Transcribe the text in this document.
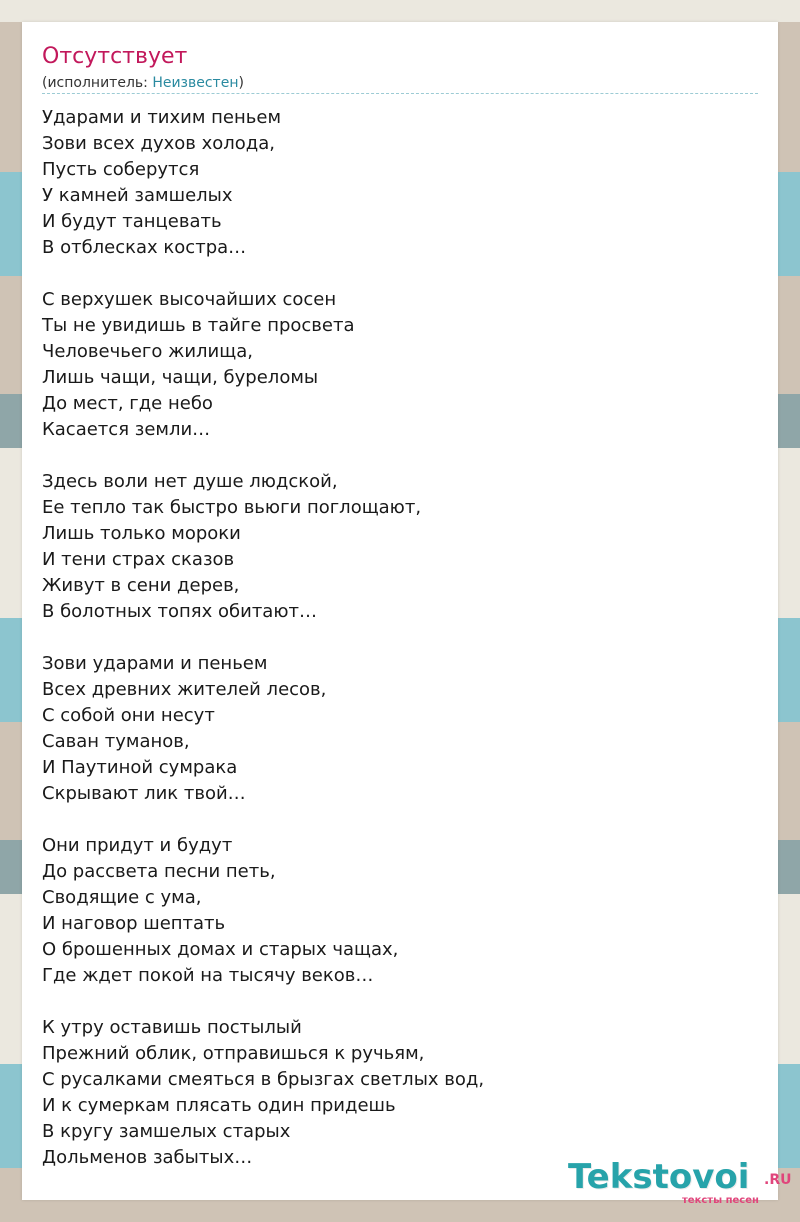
Отсутствует
(исполнитель: Неизвестен)
Ударами и тихим пеньем
Зови всех духов холода,
Пусть соберутся
У камней замшелых
И будут танцевать
В отблесках костра…
С верхушек высочайших сосен
Ты не увидишь в тайге просвета
Человечьего жилища,
Лишь чащи, чащи, буреломы
До мест, где небо
Касается земли…
Здесь воли нет душе людской,
Ее тепло так быстро вьюги поглощают,
Лишь только мороки
И тени страх сказов
Живут в сени дерев,
В болотных топях обитают…
Зови ударами и пеньем
Всех древних жителей лесов,
С собой они несут
Саван туманов,
И Паутиной сумрака
Скрывают лик твой…
Они придут и будут
До рассвета песни петь,
Сводящие с ума,
И наговор шептать
О брошенных домах и старых чащах,
Где ждет покой на тысячу веков…
К утру оставишь постылый
Прежний облик, отправишься к ручьям,
С русалками смеяться в брызгах светлых вод,
И к сумеркам плясать один придешь
В кругу замшелых старых
Дольменов забытых…	Tekstovoi .RU
тексты песен
